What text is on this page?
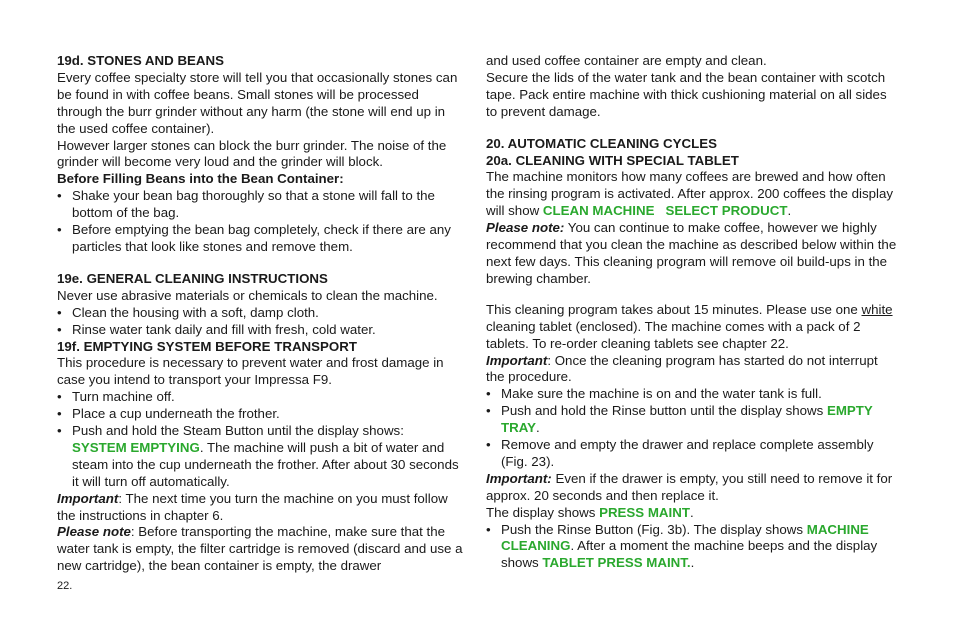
19d. STONES AND BEANS

Every coffee specialty store will tell you that occasionally stones can be found in with coffee beans. Small stones will be processed through the burr grinder without any harm (the stone will end up in the used coffee container).

However larger stones can block the burr grinder. The noise of the grinder will become very loud and the grinder will block.

Before Filling Beans into the Bean Container:

• Shake your bean bag thoroughly so that a stone will fall to the bottom of the bag.
• Before emptying the bean bag completely, check if there are any particles that look like stones and remove them.

19e. GENERAL CLEANING INSTRUCTIONS

Never use abrasive materials or chemicals to clean the machine.

• Clean the housing with a soft, damp cloth.
• Rinse water tank daily and fill with fresh, cold water.

19f. EMPTYING SYSTEM BEFORE TRANSPORT

This procedure is necessary to prevent water and frost damage in case you intend to transport your Impressa F9.

• Turn machine off.
• Place a cup underneath the frother.
• Push and hold the Steam Button until the display shows:
SYSTEM EMPTYING. The machine will push a bit of water and steam into the cup underneath the frother. After about 30 seconds it will turn off automatically.

Important: The next time you turn the machine on you must follow the instructions in chapter 6.

Please note: Before transporting the machine, make sure that the water tank is empty, the filter cartridge is removed (discard and use a new cartridge), the bean container is empty, the drawer

and used coffee container are empty and clean.

Secure the lids of the water tank and the bean container with scotch tape. Pack entire machine with thick cushioning material on all sides to prevent damage.

20. AUTOMATIC CLEANING CYCLES

20a. CLEANING WITH SPECIAL TABLET

The machine monitors how many coffees are brewed and how often the rinsing program is activated. After approx. 200 coffees the display will show CLEAN MACHINE SELECT PRODUCT.

Please note: You can continue to make coffee, however we highly recommend that you clean the machine as described below within the next few days. This cleaning program will remove oil build-ups in the brewing chamber.

This cleaning program takes about 15 minutes. Please use one white cleaning tablet (enclosed). The machine comes with a pack of 2 tablets. To re-order cleaning tablets see chapter 22.

Important: Once the cleaning program has started do not interrupt the procedure.

• Make sure the machine is on and the water tank is full.
• Push and hold the Rinse button until the display shows EMPTY TRAY.
• Remove and empty the drawer and replace complete assembly (Fig. 23).

Important: Even if the drawer is empty, you still need to remove it for approx. 20 seconds and then replace it.

The display shows PRESS MAINT.

• Push the Rinse Button (Fig. 3b). The display shows MACHINE CLEANING. After a moment the machine beeps and the display shows TABLET PRESS MAINT..
22.
